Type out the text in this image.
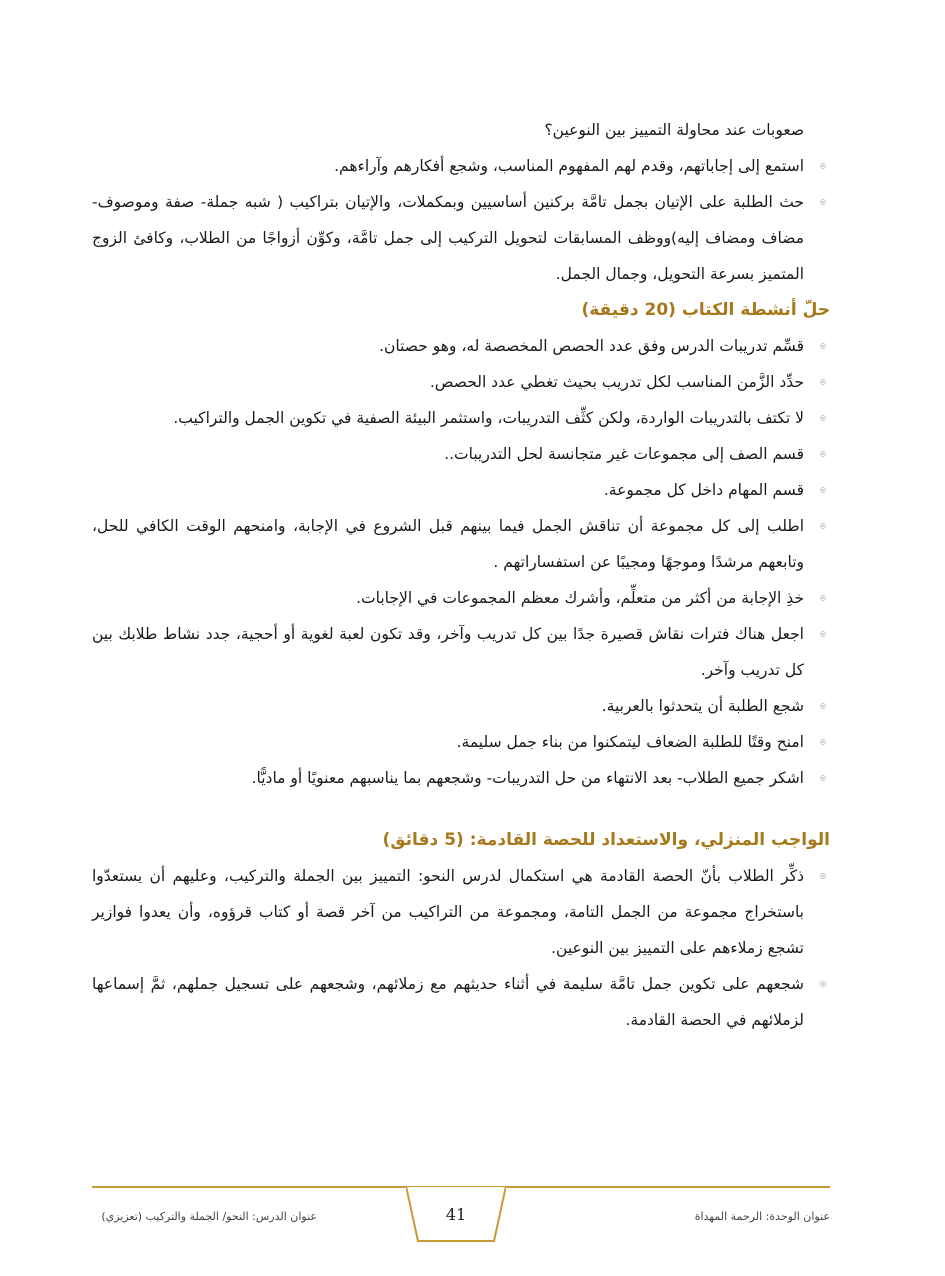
صعوبات عند محاولة التمييز بين النوعين؟

استمع إلى إجاباتهم، وقدم لهم المفهوم المناسب، وشجع أفكارهم وآراءهم.
حث الطلبة على الإتيان بجمل تامَّة بركنين أساسيين وبمكملات، والإتيان بتراكيب ( شبه جملة- صفة وموصوف- مضاف ومضاف إليه)ووظف المسابقات لتحويل التركيب إلى جمل تامَّة، وكوِّن أزواجًا من الطلاب، وكافئ الزوج المتميز بسرعة التحويل، وجمال الجمل.
حلّ أنشطة الكتاب (20 دقيقة)
قسِّم تدريبات الدرس وفق عدد الحصص المخصصة له، وهو حصتان.
حدِّد الزَّمن المناسب لكل تدريب بحيث تغطي عدد الحصص.
لا تكتف بالتدريبات الواردة، ولكن كثِّف التدريبات، واستثمر البيئة الصفية في تكوين الجمل والتراكيب.
قسم الصف إلى مجموعات غير متجانسة لحل التدريبات..
قسم المهام داخل كل مجموعة.
اطلب إلى كل مجموعة أن تناقش الجمل فيما بينهم قبل الشروع في الإجابة، وامنحهم الوقت الكافي للحل، وتابعهم مرشدًا وموجهًا ومجيبًا عن استفساراتهم .
خذِ الإجابة من أكثر من متعلِّم، وأشرك معظم المجموعات في الإجابات.
اجعل هناك فترات نقاش قصيرة جدًا بين كل تدريب وآخر، وقد تكون لعبة لغوية أو أحجية، جدد نشاط طلابك بين كل تدريب وآخر.
شجع الطلبة أن يتحدثوا بالعربية.
امنح وقتًا للطلبة الضعاف ليتمكنوا من بناء جمل سليمة.
اشكر جميع الطلاب- بعد الانتهاء من حل التدريبات- وشجعهم بما يناسبهم معنويًا أو ماديًّا.
الواجب المنزلي، والاستعداد للحصة القادمة: (5 دقائق)
ذكِّر الطلاب بأنّ الحصة القادمة هي استكمال لدرس النحو: التمييز بين الجملة والتركيب، وعليهم أن يستعدّوا باستخراج مجموعة من الجمل التامة، ومجموعة من التراكيب من آخر قصة أو كتاب قرؤوه، وأن يعدوا فوازير تشجع زملاءهم على التمييز بين النوعين.
شجعهم على تكوين جمل تامَّة سليمة في أثناء حديثهم مع زملائهم، وشجعهم على تسجيل جملهم، ثمَّ إسماعها لزملائهم في الحصة القادمة.
41	عنوان الوحدة: الرحمة المهداة
عنوان الدرس: النحو/ الجملة والتركيب (تعزيزي)
